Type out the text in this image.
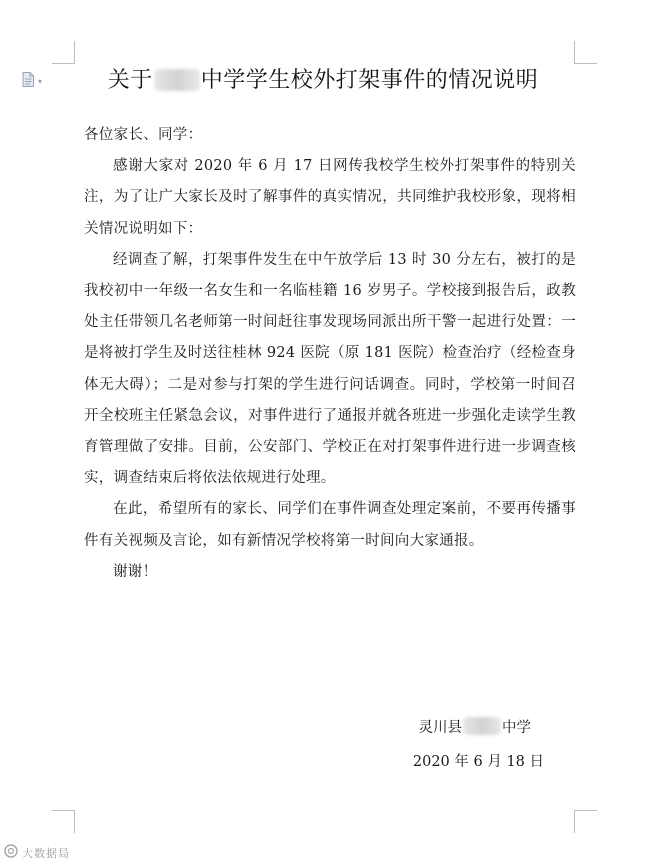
▾	关于 中学学生校外打架事件的情况说明

各位家长、同学：

感谢大家对 2020 年 6 月 17 日网传我校学生校外打架事件的特别关注，为了让广大家长及时了解事件的真实情况，共同维护我校形象，现将相关情况说明如下：

经调查了解，打架事件发生在中午放学后 13 时 30 分左右，被打的是我校初中一年级一名女生和一名临桂籍 16 岁男子。学校接到报告后，政教处主任带领几名老师第一时间赶往事发现场同派出所干警一起进行处置：一是将被打学生及时送往桂林 924 医院（原 181 医院）检查治疗（经检查身体无大碍）；二是对参与打架的学生进行问话调查。同时，学校第一时间召开全校班主任紧急会议，对事件进行了通报并就各班进一步强化走读学生教育管理做了安排。目前，公安部门、学校正在对打架事件进行进一步调查核实，调查结束后将依法依规进行处理。

在此，希望所有的家长、同学们在事件调查处理定案前，不要再传播事件有关视频及言论，如有新情况学校将第一时间向大家通报。

谢谢！

灵川县	中学
2020 年 6 月 18 日
大数据局
